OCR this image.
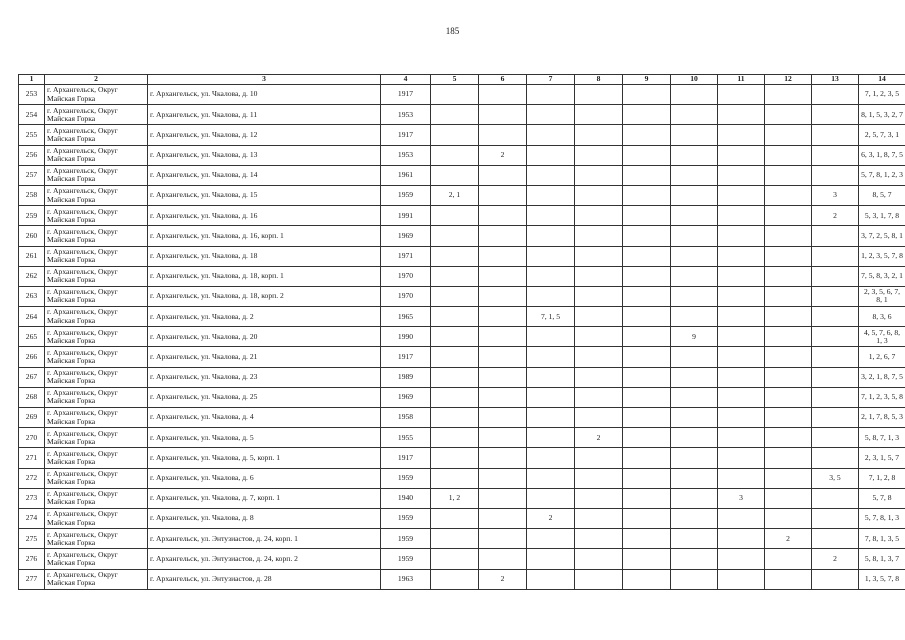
185
1	2	3	4	5	6	7	8	9	10	11	12	13	14
253	г. Архангельск, Округ Майская Горка	г. Архангельск, ул. Чкалова, д. 10	1917										7, 1, 2, 3, 5
254	г. Архангельск, Округ Майская Горка	г. Архангельск, ул. Чкалова, д. 11	1953										8, 1, 5, 3, 2, 7
255	г. Архангельск, Округ Майская Горка	г. Архангельск, ул. Чкалова, д. 12	1917										2, 5, 7, 3, 1
256	г. Архангельск, Округ Майская Горка	г. Архангельск, ул. Чкалова, д. 13	1953		2								6, 3, 1, 8, 7, 5
257	г. Архангельск, Округ Майская Горка	г. Архангельск, ул. Чкалова, д. 14	1961										5, 7, 8, 1, 2, 3
258	г. Архангельск, Округ Майская Горка	г. Архангельск, ул. Чкалова, д. 15	1959	2, 1								3	8, 5, 7
259	г. Архангельск, Округ Майская Горка	г. Архангельск, ул. Чкалова, д. 16	1991									2	5, 3, 1, 7, 8
260	г. Архангельск, Округ Майская Горка	г. Архангельск, ул. Чкалова, д. 16, корп. 1	1969										3, 7, 2, 5, 8, 1
261	г. Архангельск, Округ Майская Горка	г. Архангельск, ул. Чкалова, д. 18	1971										1, 2, 3, 5, 7, 8
262	г. Архангельск, Округ Майская Горка	г. Архангельск, ул. Чкалова, д. 18, корп. 1	1970										7, 5, 8, 3, 2, 1
263	г. Архангельск, Округ Майская Горка	г. Архангельск, ул. Чкалова, д. 18, корп. 2	1970										2, 3, 5, 6, 7, 8, 1
264	г. Архангельск, Округ Майская Горка	г. Архангельск, ул. Чкалова, д. 2	1965			7, 1, 5							8, 3, 6
265	г. Архангельск, Округ Майская Горка	г. Архангельск, ул. Чкалова, д. 20	1990						9				4, 5, 7, 6, 8, 1, 3
266	г. Архангельск, Округ Майская Горка	г. Архангельск, ул. Чкалова, д. 21	1917										1, 2, 6, 7
267	г. Архангельск, Округ Майская Горка	г. Архангельск, ул. Чкалова, д. 23	1989										3, 2, 1, 8, 7, 5
268	г. Архангельск, Округ Майская Горка	г. Архангельск, ул. Чкалова, д. 25	1969										7, 1, 2, 3, 5, 8
269	г. Архангельск, Округ Майская Горка	г. Архангельск, ул. Чкалова, д. 4	1958										2, 1, 7, 8, 5, 3
270	г. Архангельск, Округ Майская Горка	г. Архангельск, ул. Чкалова, д. 5	1955				2						5, 8, 7, 1, 3
271	г. Архангельск, Округ Майская Горка	г. Архангельск, ул. Чкалова, д. 5, корп. 1	1917										2, 3, 1, 5, 7
272	г. Архангельск, Округ Майская Горка	г. Архангельск, ул. Чкалова, д. 6	1959									3, 5	7, 1, 2, 8
273	г. Архангельск, Округ Майская Горка	г. Архангельск, ул. Чкалова, д. 7, корп. 1	1940	1, 2						3			5, 7, 8
274	г. Архангельск, Округ Майская Горка	г. Архангельск, ул. Чкалова, д. 8	1959			2							5, 7, 8, 1, 3
275	г. Архангельск, Округ Майская Горка	г. Архангельск, ул. Энтузиастов, д. 24, корп. 1	1959								2		7, 8, 1, 3, 5
276	г. Архангельск, Округ Майская Горка	г. Архангельск, ул. Энтузиастов, д. 24, корп. 2	1959									2	5, 8, 1, 3, 7
277	г. Архангельск, Округ Майская Горка	г. Архангельск, ул. Энтузиастов, д. 28	1963		2								1, 3, 5, 7, 8
